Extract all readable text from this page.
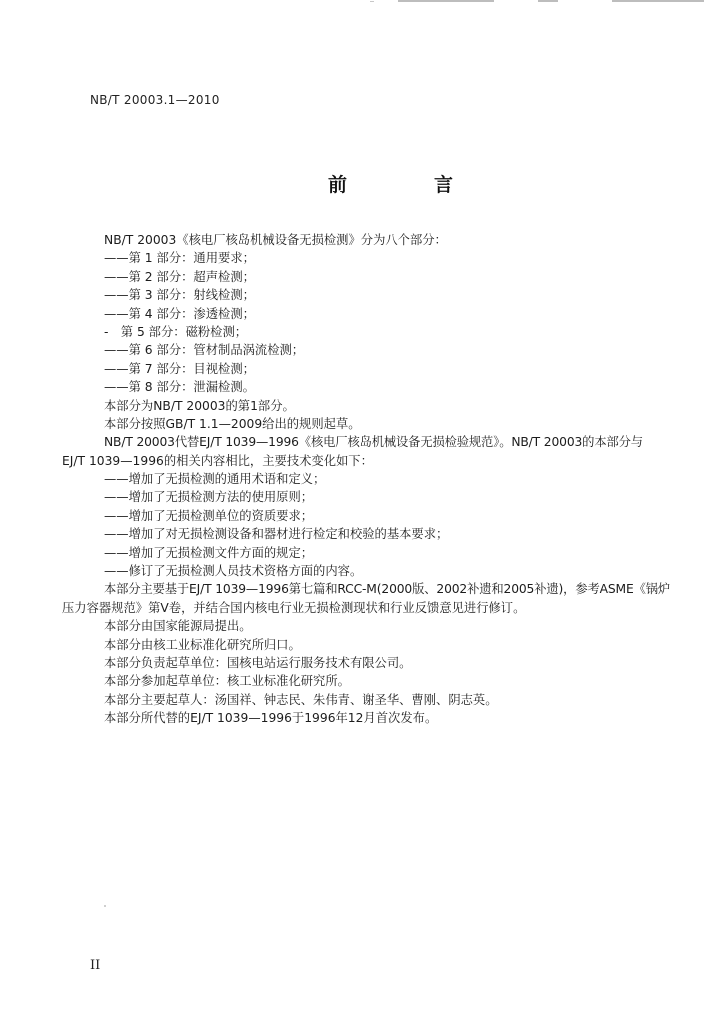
NB/T 20003.1—2010
前　言
NB/T 20003《核电厂核岛机械设备无损检测》分为八个部分：
——第 1 部分：通用要求；
——第 2 部分：超声检测；
——第 3 部分：射线检测；
——第 4 部分：渗透检测；
-　第 5 部分：磁粉检测；
——第 6 部分：管材制品涡流检测；
——第 7 部分：目视检测；
——第 8 部分：泄漏检测。
本部分为NB/T 20003的第1部分。
本部分按照GB/T 1.1—2009给出的规则起草。
NB/T 20003代替EJ/T 1039—1996《核电厂核岛机械设备无损检验规范》。NB/T 20003的本部分与
EJ/T 1039—1996的相关内容相比，主要技术变化如下：
——增加了无损检测的通用术语和定义；
——增加了无损检测方法的使用原则；
——增加了无损检测单位的资质要求；
——增加了对无损检测设备和器材进行检定和校验的基本要求；
——增加了无损检测文件方面的规定；
——修订了无损检测人员技术资格方面的内容。
本部分主要基于EJ/T 1039—1996第七篇和RCC-M(2000版、2002补遗和2005补遗)，参考ASME《锅炉
压力容器规范》第Ⅴ卷，并结合国内核电行业无损检测现状和行业反馈意见进行修订。
本部分由国家能源局提出。
本部分由核工业标准化研究所归口。
本部分负责起草单位：国核电站运行服务技术有限公司。
本部分参加起草单位：核工业标准化研究所。
本部分主要起草人：汤国祥、钟志民、朱伟青、谢圣华、曹刚、阴志英。
本部分所代替的EJ/T 1039—1996于1996年12月首次发布。
II
